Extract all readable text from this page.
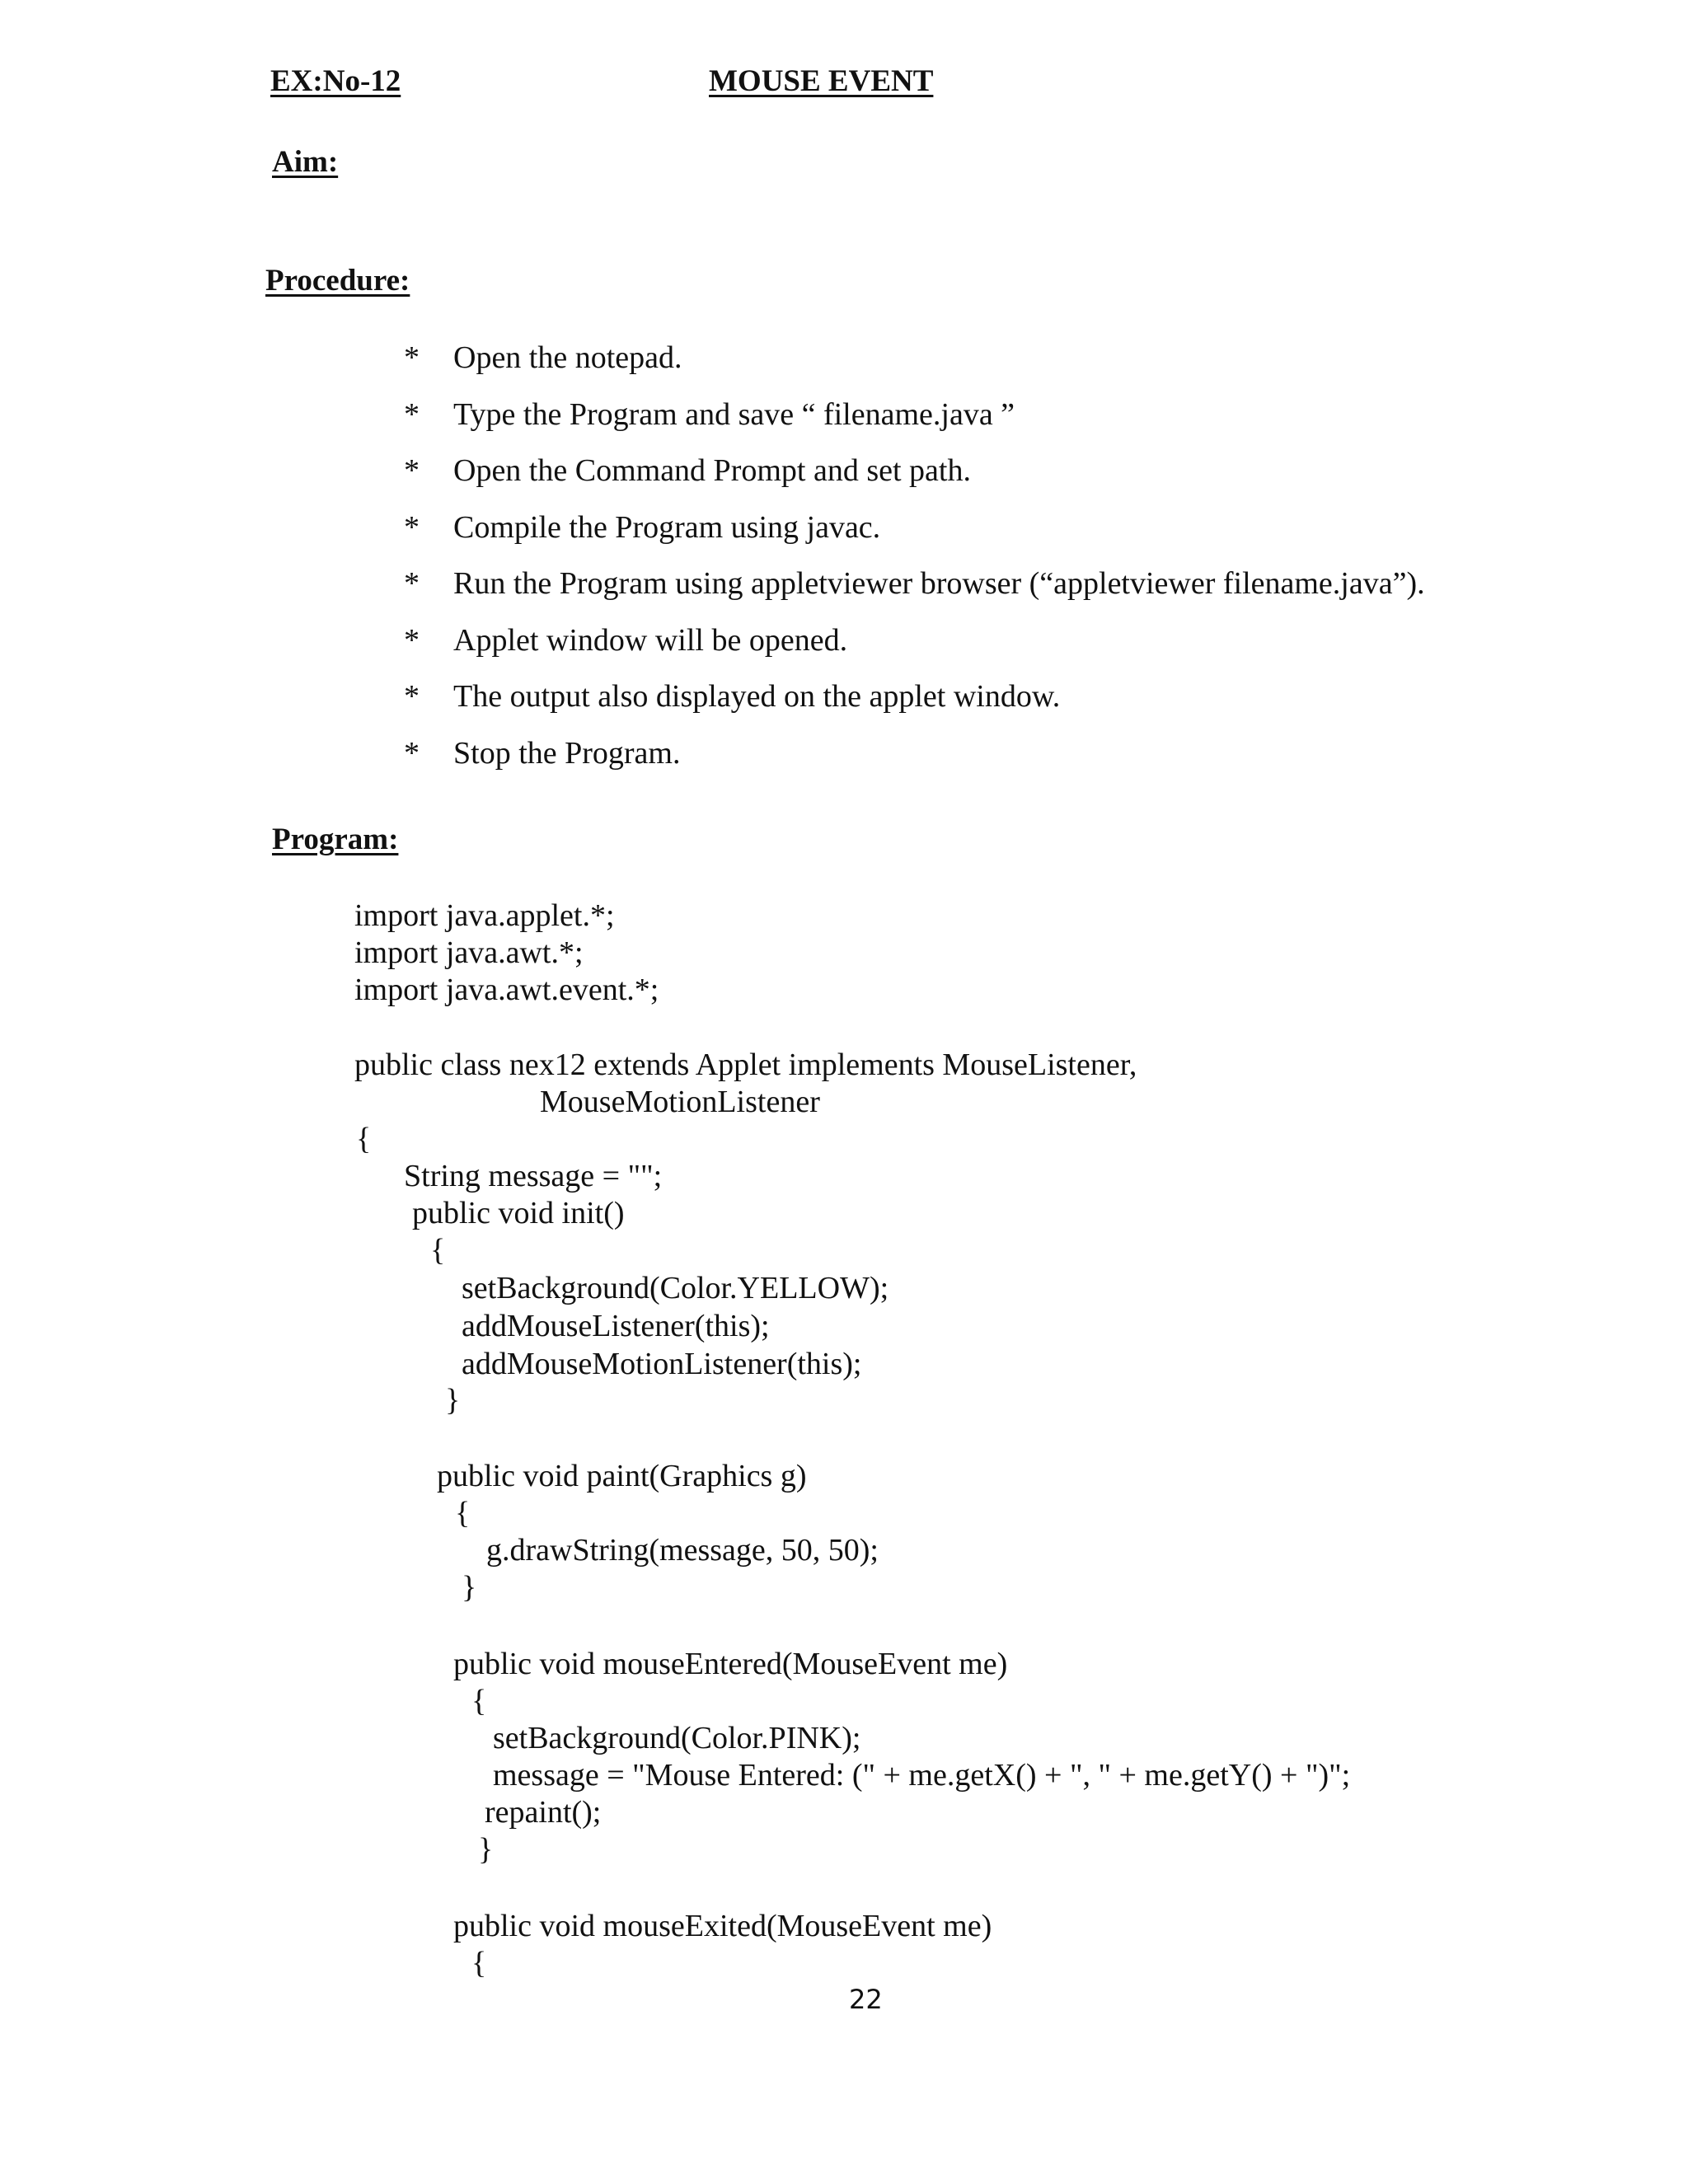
EX:No-12	MOUSE EVENT
Aim:
Procedure:
*	Open the notepad.
*	Type the Program and save “ filename.java ”
*	Open the Command Prompt and set path.
*	Compile the Program using javac.
*	Run the Program using appletviewer browser (“appletviewer filename.java”).
*	Applet window will be opened.
*	The output also displayed on the applet window.
*	Stop the Program.
Program:
import java.applet.*;
import java.awt.*;
import java.awt.event.*;
public class nex12 extends Applet implements MouseListener,
MouseMotionListener
{
String message = "";
public void init()
{
setBackground(Color.YELLOW);
addMouseListener(this);
addMouseMotionListener(this);
}
public void paint(Graphics g)
{
g.drawString(message, 50, 50);
}
public void mouseEntered(MouseEvent me)
{
setBackground(Color.PINK);
message = "Mouse Entered: (" + me.getX() + ", " + me.getY() + ")";
repaint();
}
public void mouseExited(MouseEvent me)
{
22
